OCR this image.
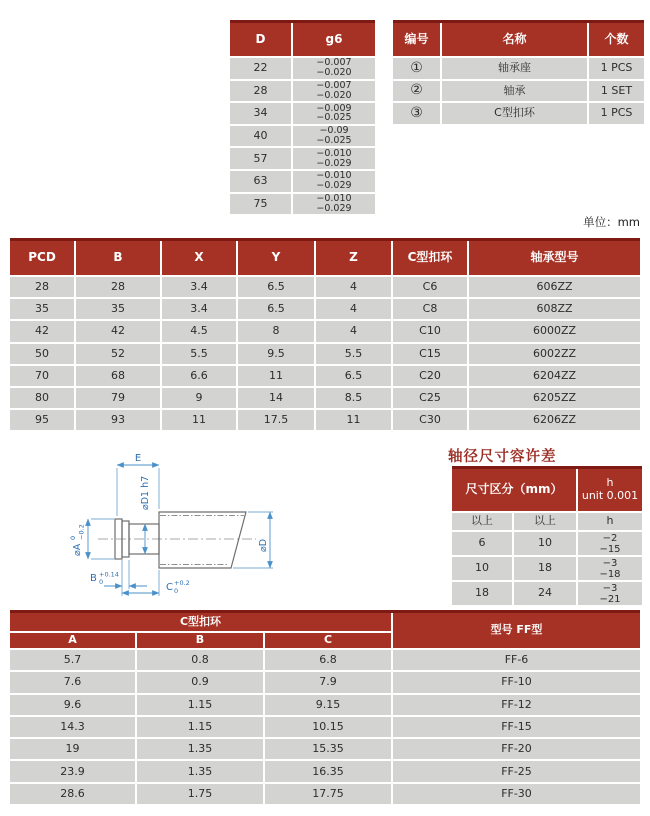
D	g6
22	−0.007
−0.020
28	−0.007
−0.020
34	−0.009
−0.025
40	−0.09
−0.025
57	−0.010
−0.029
63	−0.010
−0.029
75	−0.010
−0.029
编号	名称	个数
①	轴承座	1 PCS
②	轴承	1 SET
③	C型扣环	1 PCS
单位：mm
PCD	B	X	Y	Z	C型扣环	轴承型号
28	28	3.4	6.5	4	C6	606ZZ
35	35	3.4	6.5	4	C8	608ZZ
42	42	4.5	8	4	C10	6000ZZ
50	52	5.5	9.5	5.5	C15	6002ZZ
70	68	6.6	11	6.5	C20	6204ZZ
80	79	9	14	8.5	C25	6205ZZ
95	93	11	17.5	11	C30	6206ZZ
E
⌀D1 h7
⌀A
0 −0.2
B +0.14
0	C +0.2
0
⌀D
轴径尺寸容许差
尺寸区分（mm）	h
unit 0.001
以上	以上	h
6	10	−2
−15
10	18	−3
−18
18	24	−3
−21
C型扣环
型号 FF型
A	B	C
5.7	0.8	6.8	FF-6
7.6	0.9	7.9	FF-10
9.6	1.15	9.15	FF-12
14.3	1.15	10.15	FF-15
19	1.35	15.35	FF-20
23.9	1.35	16.35	FF-25
28.6	1.75	17.75	FF-30
